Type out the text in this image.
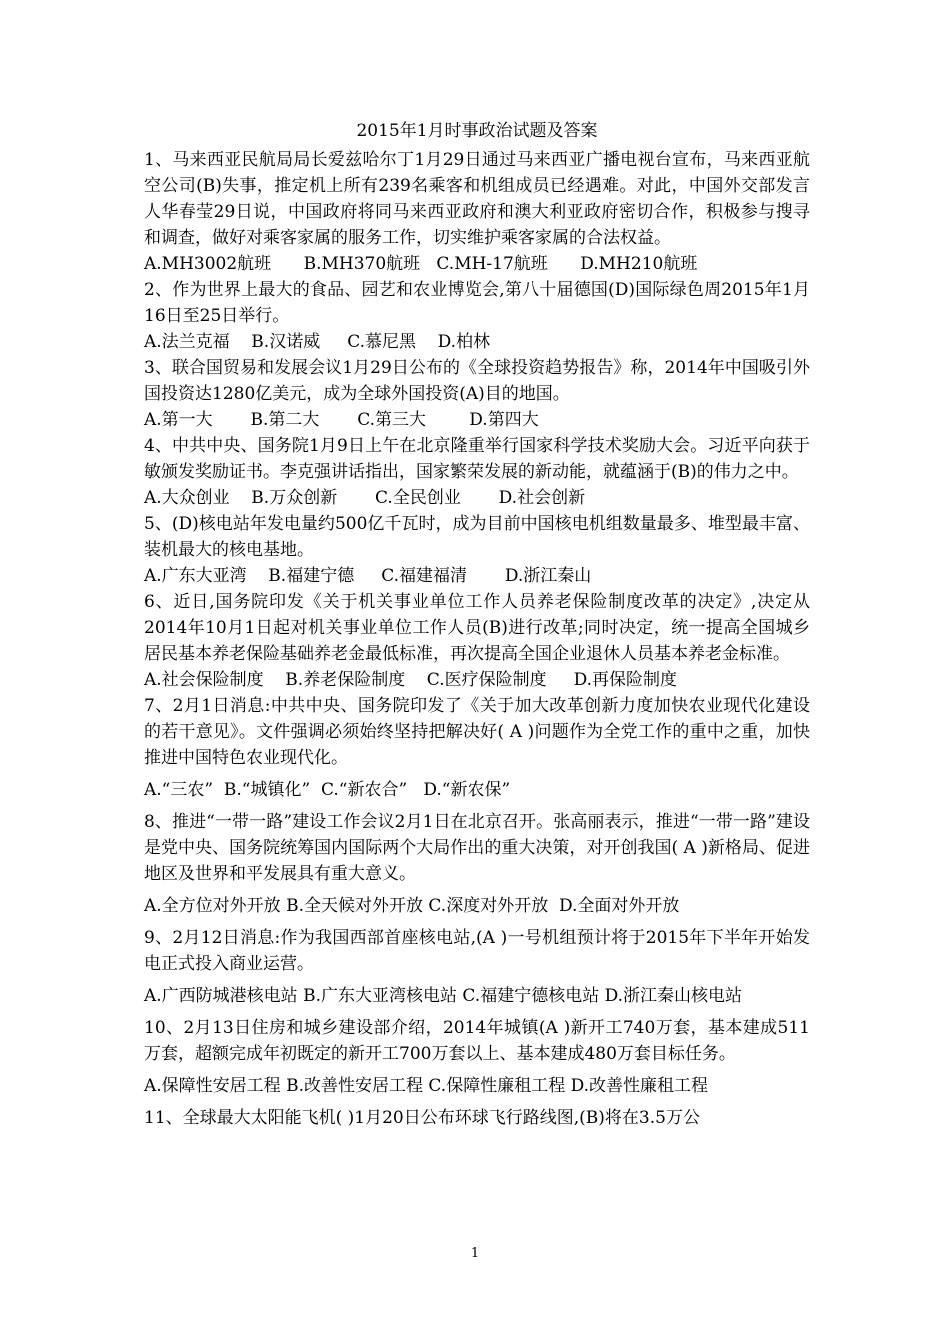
2015年1月时事政治试题及答案

1、马来西亚民航局局长爱兹哈尔丁1月29日通过马来西亚广播电视台宣布，马来西亚航空公司(B)失事，推定机上所有239名乘客和机组成员已经遇难。对此，中国外交部发言人华春莹29日说，中国政府将同马来西亚政府和澳大利亚政府密切合作，积极参与搜寻和调查，做好对乘客家属的服务工作，切实维护乘客家属的合法权益。

A.MH3002航班      B.MH370航班   C.MH-17航班      D.MH210航班

2、作为世界上最大的食品、园艺和农业博览会,第八十届德国(D)国际绿色周2015年1月16日至25日举行。

A.法兰克福    B.汉诺威     C.慕尼黑    D.柏林

3、联合国贸易和发展会议1月29日公布的《全球投资趋势报告》称，2014年中国吸引外国投资达1280亿美元，成为全球外国投资(A)目的地国。

A.第一大       B.第二大       C.第三大        D.第四大

4、中共中央、国务院1月9日上午在北京隆重举行国家科学技术奖励大会。习近平向获于敏颁发奖励证书。李克强讲话指出，国家繁荣发展的新动能，就蕴涵于(B)的伟力之中。

A.大众创业    B.万众创新       C.全民创业       D.社会创新

5、(D)核电站年发电量约500亿千瓦时，成为目前中国核电机组数量最多、堆型最丰富、装机最大的核电基地。

A.广东大亚湾    B.福建宁德     C.福建福清       D.浙江秦山

6、近日,国务院印发《关于机关事业单位工作人员养老保险制度改革的决定》,决定从2014年10月1日起对机关事业单位工作人员(B)进行改革;同时决定，统一提高全国城乡居民基本养老保险基础养老金最低标准，再次提高全国企业退休人员基本养老金标准。

A.社会保险制度    B.养老保险制度    C.医疗保险制度     D.再保险制度

7、2月1日消息:中共中央、国务院印发了《关于加大改革创新力度加快农业现代化建设的若干意见》。文件强调必须始终坚持把解决好( A )问题作为全党工作的重中之重，加快推进中国特色农业现代化。

A.“三农”  B.“城镇化”  C.“新农合”   D.“新农保”

8、推进“一带一路”建设工作会议2月1日在北京召开。张高丽表示，推进“一带一路”建设是党中央、国务院统筹国内国际两个大局作出的重大决策，对开创我国( A )新格局、促进地区及世界和平发展具有重大意义。

A.全方位对外开放 B.全天候对外开放 C.深度对外开放  D.全面对外开放

9、2月12日消息:作为我国西部首座核电站,(A )一号机组预计将于2015年下半年开始发电正式投入商业运营。

A.广西防城港核电站 B.广东大亚湾核电站 C.福建宁德核电站 D.浙江秦山核电站

10、2月13日住房和城乡建设部介绍，2014年城镇(A )新开工740万套，基本建成511万套，超额完成年初既定的新开工700万套以上、基本建成480万套目标任务。

A.保障性安居工程 B.改善性安居工程 C.保障性廉租工程 D.改善性廉租工程

11、全球最大太阳能飞机( )1月20日公布环球飞行路线图,(B)将在3.5万公

1
